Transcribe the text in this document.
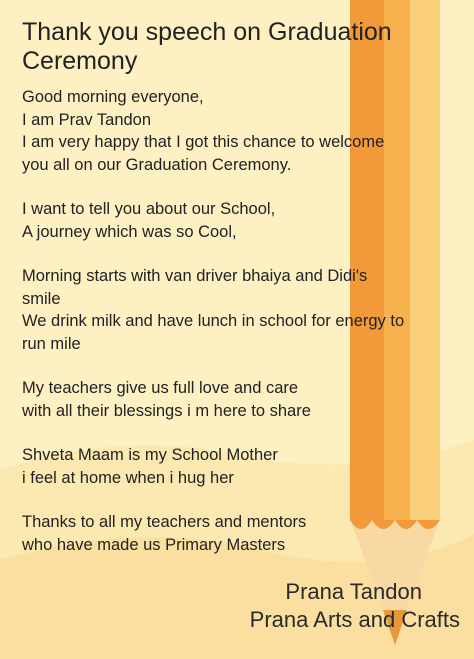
Thank you speech on Graduation
Ceremony
Good morning everyone,
I am Prav Tandon
I am very happy that I got this chance to welcome
you all on our Graduation Ceremony.
I want to tell you about our School,
A journey which was so Cool,
Morning starts with van driver bhaiya and Didi's
smile
We drink milk and have lunch in school for energy to
run mile
My teachers give us full love and care
with all their blessings i m here to share
Shveta Maam is my School Mother
i feel at home when i hug her
Thanks to all my teachers and mentors
who have made us Primary Masters
Prana Tandon
Prana Arts and Crafts
